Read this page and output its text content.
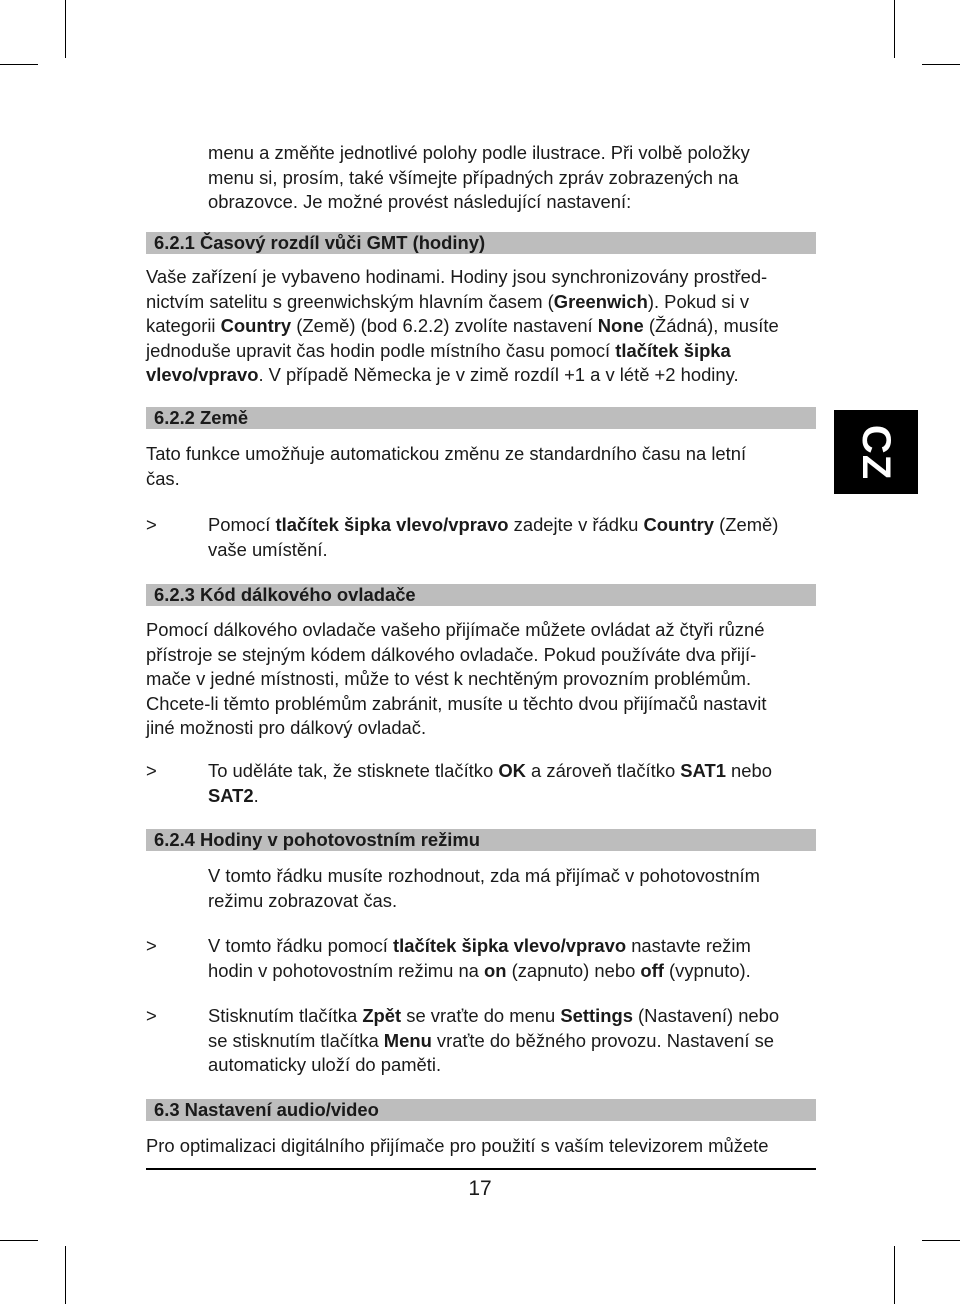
menu a změňte jednotlivé polohy podle ilustrace. Při volbě položky
menu si, prosím, také všímejte případných zpráv zobrazených na
obrazovce. Je možné provést následující nastavení:
6.2.1 Časový rozdíl vůči GMT (hodiny)
Vaše zařízení je vybaveno hodinami. Hodiny jsou synchronizovány prostřed-
nictvím satelitu s greenwichským hlavním časem (Greenwich). Pokud si v
kategorii Country (Země) (bod 6.2.2) zvolíte nastavení None (Žádná), musíte
jednoduše upravit čas hodin podle místního času pomocí tlačítek šipka
vlevo/vpravo. V případě Německa je v zimě rozdíl +1 a v létě +2 hodiny.
6.2.2 Země
Tato funkce umožňuje automatickou změnu ze standardního času na letní
čas.
>	Pomocí tlačítek šipka vlevo/vpravo zadejte v řádku Country (Země)
vaše umístění.
6.2.3 Kód dálkového ovladače
Pomocí dálkového ovladače vašeho přijímače můžete ovládat až čtyři různé
přístroje se stejným kódem dálkového ovladače. Pokud používáte dva přijí-
mače v jedné místnosti, může to vést k nechtěným provozním problémům.
Chcete-li těmto problémům zabránit, musíte u těchto dvou přijímačů nastavit
jiné možnosti pro dálkový ovladač.
>	To uděláte tak, že stisknete tlačítko OK a zároveň tlačítko SAT1 nebo
SAT2.
6.2.4 Hodiny v pohotovostním režimu
V tomto řádku musíte rozhodnout, zda má přijímač v pohotovostním
režimu zobrazovat čas.
>	V tomto řádku pomocí tlačítek šipka vlevo/vpravo nastavte režim
hodin v pohotovostním režimu na on (zapnuto) nebo off (vypnuto).
>	Stisknutím tlačítka Zpět se vraťte do menu Settings (Nastavení) nebo
se stisknutím tlačítka Menu vraťte do běžného provozu. Nastavení se
automaticky uloží do paměti.
6.3 Nastavení audio/video
Pro optimalizaci digitálního přijímače pro použití s vaším televizorem můžete
CZ
17
